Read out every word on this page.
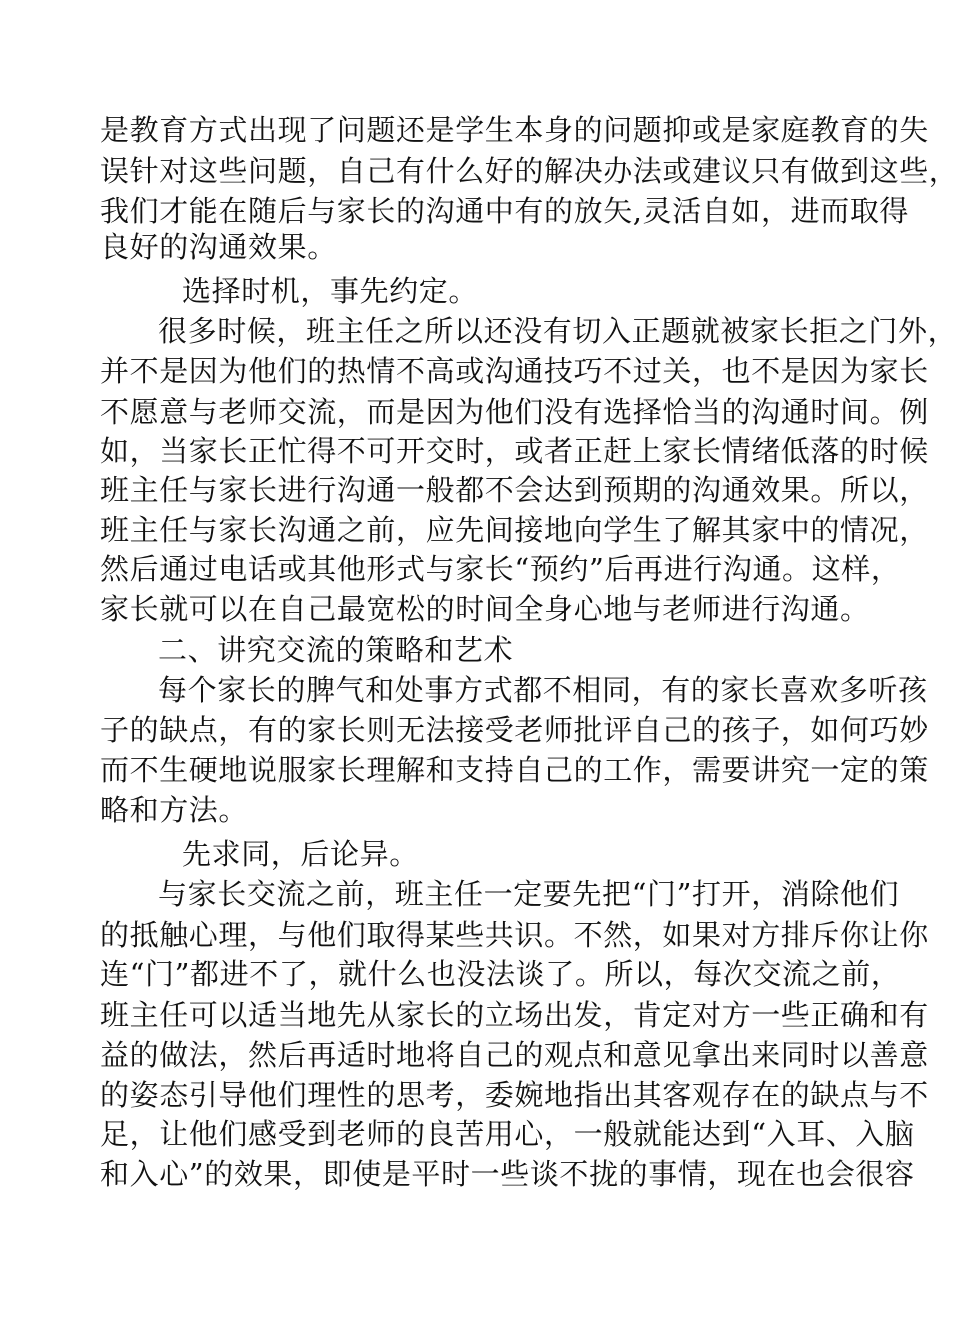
是教育方式出现了问题还是学生本身的问题抑或是家庭教育的失
误针对这些问题，自己有什么好的解决办法或建议只有做到这些，
我们才能在随后与家长的沟通中有的放矢,灵活自如，进而取得
良好的沟通效果。
选择时机，事先约定。
很多时候，班主任之所以还没有切入正题就被家长拒之门外，
并不是因为他们的热情不高或沟通技巧不过关，也不是因为家长
不愿意与老师交流，而是因为他们没有选择恰当的沟通时间。例
如，当家长正忙得不可开交时，或者正赶上家长情绪低落的时候
班主任与家长进行沟通一般都不会达到预期的沟通效果。所以，
班主任与家长沟通之前，应先间接地向学生了解其家中的情况，
然后通过电话或其他形式与家长“预约”后再进行沟通。这样，
家长就可以在自己最宽松的时间全身心地与老师进行沟通。
二、讲究交流的策略和艺术
每个家长的脾气和处事方式都不相同，有的家长喜欢多听孩
子的缺点，有的家长则无法接受老师批评自己的孩子，如何巧妙
而不生硬地说服家长理解和支持自己的工作，需要讲究一定的策
略和方法。
先求同，后论异。
与家长交流之前，班主任一定要先把“门”打开，消除他们
的抵触心理，与他们取得某些共识。不然，如果对方排斥你让你
连“门”都进不了，就什么也没法谈了。所以，每次交流之前，
班主任可以适当地先从家长的立场出发，肯定对方一些正确和有
益的做法，然后再适时地将自己的观点和意见拿出来同时以善意
的姿态引导他们理性的思考，委婉地指出其客观存在的缺点与不
足，让他们感受到老师的良苦用心，一般就能达到“入耳、入脑
和入心”的效果，即使是平时一些谈不拢的事情，现在也会很容
